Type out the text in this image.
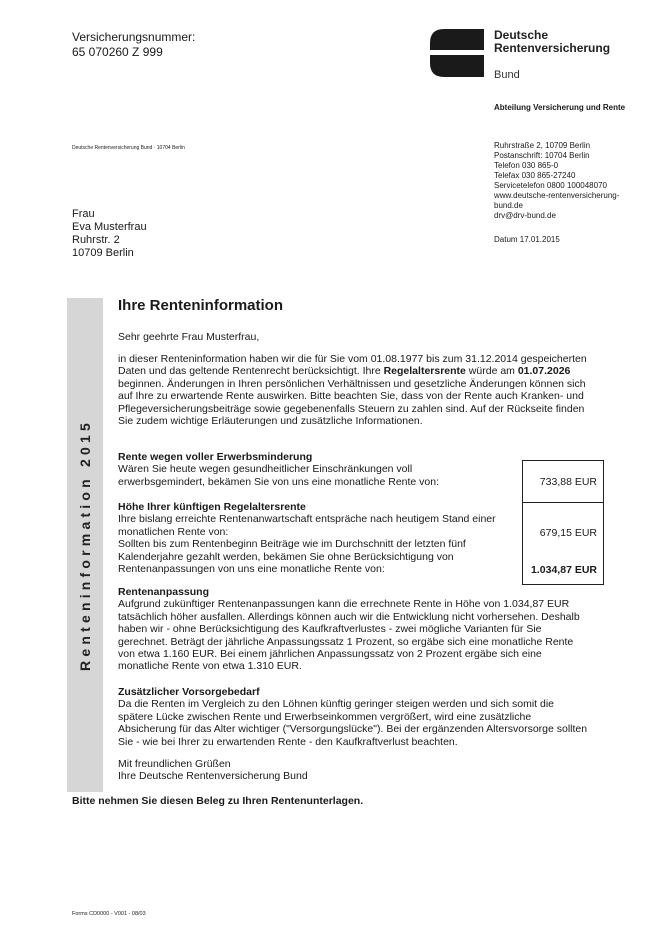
Versicherungsnummer:
65 070260 Z 999
Deutsche
Rentenversicherung
Bund
Abteilung Versicherung und Rente
Deutsche Rentenversicherung Bund · 10704 Berlin	Ruhrstraße 2, 10709 Berlin
Postanschrift: 10704 Berlin
Telefon 030 865-0
Telefax 030 865-27240
Servicetelefon 0800 100048070
www.deutsche-rentenversicherung-
bund.de
drv@drv-bund.de
Datum 17.01.2015
Frau
Eva Musterfrau
Ruhrstr. 2
10709 Berlin
Renteninformation 2015
Ihre Renteninformation
Sehr geehrte Frau Musterfrau,
in dieser Renteninformation haben wir die für Sie vom 01.08.1977 bis zum 31.12.2014 gespeicherten Daten und das geltende Rentenrecht berücksichtigt. Ihre Regelaltersrente würde am 01.07.2026 beginnen. Änderungen in Ihren persönlichen Verhältnissen und gesetzliche Änderungen können sich auf Ihre zu erwartende Rente auswirken. Bitte beachten Sie, dass von der Rente auch Kranken- und Pflegeversicherungsbeiträge sowie gegebenenfalls Steuern zu zahlen sind. Auf der Rückseite finden Sie zudem wichtige Erläuterungen und zusätzliche Informationen.
Rente wegen voller Erwerbsminderung
Wären Sie heute wegen gesundheitlicher Einschränkungen voll erwerbsgemindert, bekämen Sie von uns eine monatliche Rente von:
Höhe Ihrer künftigen Regelaltersrente
Ihre bislang erreichte Rentenanwartschaft entspräche nach heutigem Stand einer monatlichen Rente von:
Sollten bis zum Rentenbeginn Beiträge wie im Durchschnitt der letzten fünf Kalenderjahre gezahlt werden, bekämen Sie ohne Berücksichtigung von Rentenanpassungen von uns eine monatliche Rente von:
733,88 EUR
679,15 EUR
1.034,87 EUR
Rentenanpassung
Aufgrund zukünftiger Rentenanpassungen kann die errechnete Rente in Höhe von 1.034,87 EUR tatsächlich höher ausfallen. Allerdings können auch wir die Entwicklung nicht vorhersehen. Deshalb haben wir - ohne Berücksichtigung des Kaufkraftverlustes - zwei mögliche Varianten für Sie gerechnet. Beträgt der jährliche Anpassungssatz 1 Prozent, so ergäbe sich eine monatliche Rente von etwa 1.160 EUR. Bei einem jährlichen Anpassungssatz von 2 Prozent ergäbe sich eine monatliche Rente von etwa 1.310 EUR.
Zusätzlicher Vorsorgebedarf
Da die Renten im Vergleich zu den Löhnen künftig geringer steigen werden und sich somit die spätere Lücke zwischen Rente und Erwerbseinkommen vergrößert, wird eine zusätzliche Absicherung für das Alter wichtiger ("Versorgungslücke"). Bei der ergänzenden Altersvorsorge sollten Sie - wie bei Ihrer zu erwartenden Rente - den Kaufkraftverlust beachten.
Mit freundlichen Grüßen
Ihre Deutsche Rentenversicherung Bund
Bitte nehmen Sie diesen Beleg zu Ihren Rentenunterlagen.
Forms CD0000 - V001 - 08/03
